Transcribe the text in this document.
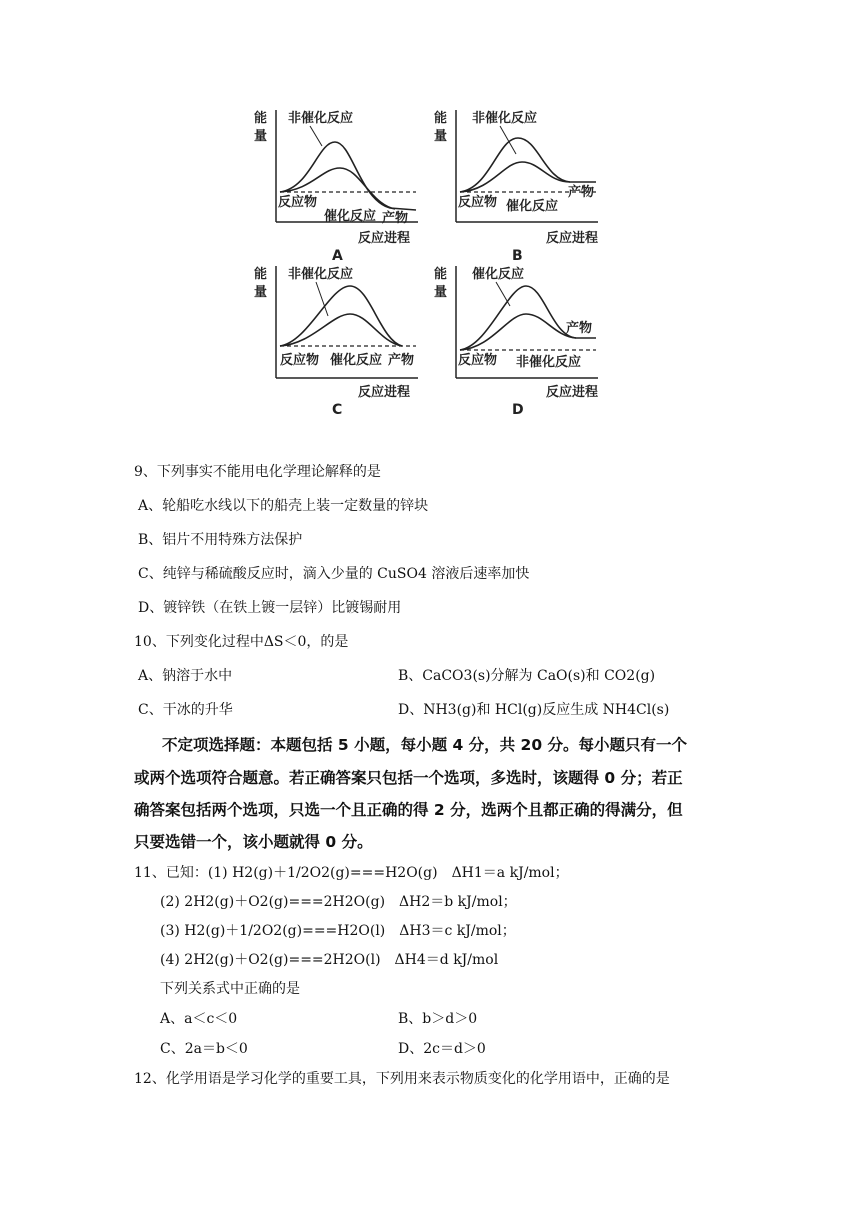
能
量
非催化反应
反应物
催化反应 产物
反应进程
A
能
量
非催化反应
反应物 催化反应
产物
反应进程
B
能
量
非催化反应
反应物 催化反应 产物
反应进程
C
能
量
催化反应
反应物 非催化反应
产物
反应进程
D
9、下列事实不能用电化学理论解释的是
A、轮船吃水线以下的船壳上装一定数量的锌块
B、铝片不用特殊方法保护
C、纯锌与稀硫酸反应时，滴入少量的 CuSO4 溶液后速率加快
D、镀锌铁（在铁上镀一层锌）比镀锡耐用
10、下列变化过程中ΔS＜0，的是
A、钠溶于水中	B、CaCO3(s)分解为 CaO(s)和 CO2(g)
C、干冰的升华	D、NH3(g)和 HCl(g)反应生成 NH4Cl(s)
不定项选择题：本题包括 5 小题，每小题 4 分，共 20 分。每小题只有一个
或两个选项符合题意。若正确答案只包括一个选项，多选时，该题得 0 分；若正
确答案包括两个选项，只选一个且正确的得 2 分，选两个且都正确的得满分，但
只要选错一个，该小题就得 0 分。
11、已知：(1) H2(g)＋1/2O2(g)===H2O(g)　ΔH1＝a kJ/mol；
(2) 2H2(g)＋O2(g)===2H2O(g)　ΔH2＝b kJ/mol；
(3) H2(g)＋1/2O2(g)===H2O(l)　ΔH3＝c kJ/mol；
(4) 2H2(g)＋O2(g)===2H2O(l)　ΔH4＝d kJ/mol
下列关系式中正确的是
A、a＜c＜0	B、b＞d＞0
C、2a＝b＜0	D、2c＝d＞0
12、化学用语是学习化学的重要工具，下列用来表示物质变化的化学用语中，正确的是
